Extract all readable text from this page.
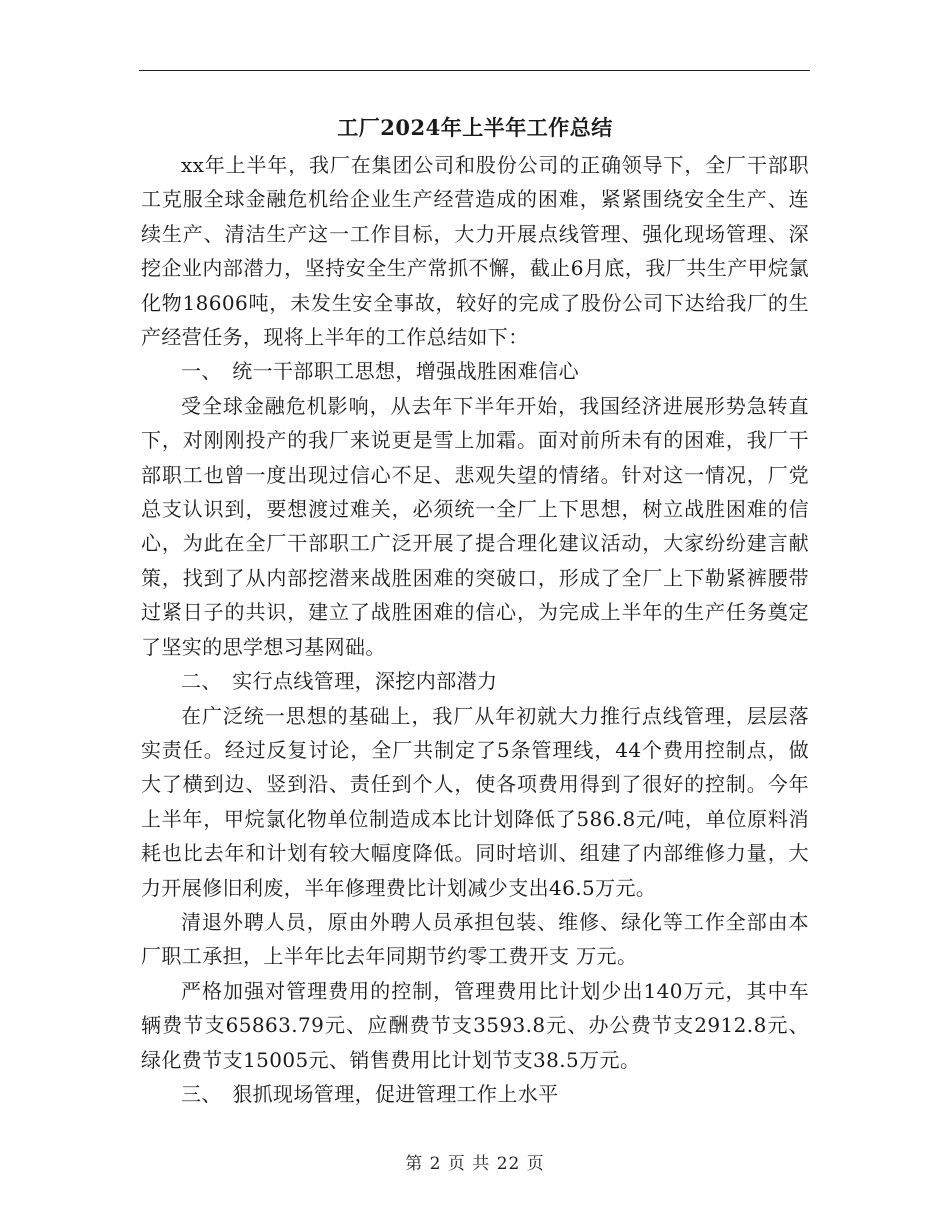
工厂2024年上半年工作总结

xx年上半年，我厂在集团公司和股份公司的正确领导下，全厂干部职工克服全球金融危机给企业生产经营造成的困难，紧紧围绕安全生产、连续生产、清洁生产这一工作目标，大力开展点线管理、强化现场管理、深挖企业内部潜力，坚持安全生产常抓不懈，截止6月底，我厂共生产甲烷氯化物18606吨，未发生安全事故，较好的完成了股份公司下达给我厂的生产经营任务，现将上半年的工作总结如下：

一、　统一干部职工思想，增强战胜困难信心

受全球金融危机影响，从去年下半年开始，我国经济进展形势急转直下，对刚刚投产的我厂来说更是雪上加霜。面对前所未有的困难，我厂干部职工也曾一度出现过信心不足、悲观失望的情绪。针对这一情况，厂党总支认识到，要想渡过难关，必须统一全厂上下思想，树立战胜困难的信心，为此在全厂干部职工广泛开展了提合理化建议活动，大家纷纷建言献策，找到了从内部挖潜来战胜困难的突破口，形成了全厂上下勒紧裤腰带过紧日子的共识，建立了战胜困难的信心，为完成上半年的生产任务奠定了坚实的思学想习基网础。

二、　实行点线管理，深挖内部潜力

在广泛统一思想的基础上，我厂从年初就大力推行点线管理，层层落实责任。经过反复讨论，全厂共制定了5条管理线，44个费用控制点，做大了横到边、竖到沿、责任到个人，使各项费用得到了很好的控制。今年上半年，甲烷氯化物单位制造成本比计划降低了586.8元/吨，单位原料消耗也比去年和计划有较大幅度降低。同时培训、组建了内部维修力量，大力开展修旧利废，半年修理费比计划减少支出46.5万元。

清退外聘人员，原由外聘人员承担包装、维修、绿化等工作全部由本厂职工承担，上半年比去年同期节约零工费开支 万元。

严格加强对管理费用的控制，管理费用比计划少出140万元，其中车辆费节支65863.79元、应酬费节支3593.8元、办公费节支2912.8元、绿化费节支15005元、销售费用比计划节支38.5万元。

三、　狠抓现场管理，促进管理工作上水平

第 2 页 共 22 页
